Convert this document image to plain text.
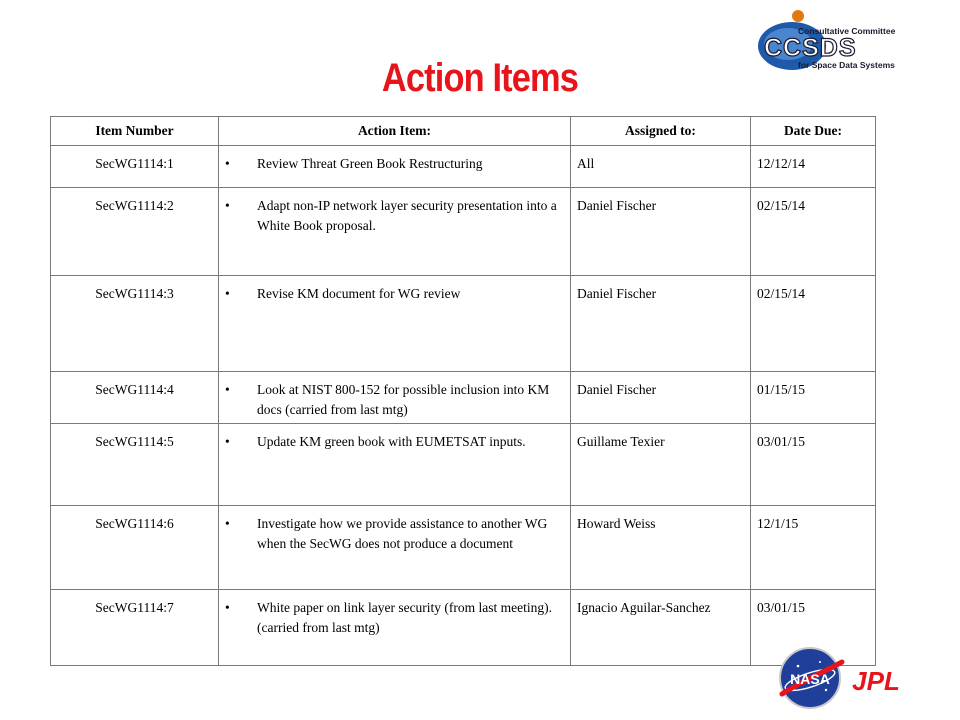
Action Items
Consultative Committee
CCSDS
for Space Data Systems
Item Number	Action Item:	Assigned to:	Date Due:
SecWG1114:1	• Review Threat Green Book Restructuring	All	12/12/14
SecWG1114:2	• Adapt non-IP network layer security presentation into a White Book proposal.	Daniel Fischer	02/15/14
SecWG1114:3	• Revise KM document for WG review	Daniel Fischer	02/15/14
SecWG1114:4	• Look at NIST 800-152 for possible inclusion into KM docs (carried from last mtg)	Daniel Fischer	01/15/15
SecWG1114:5	• Update KM green book with EUMETSAT inputs.	Guillame Texier	03/01/15
SecWG1114:6	• Investigate how we provide assistance to another WG when the SecWG does not produce a document	Howard Weiss	12/1/15
SecWG1114:7	• White paper on link layer security (from last meeting). (carried from last mtg)	Ignacio Aguilar-Sanchez	03/01/15
NASA JPL
